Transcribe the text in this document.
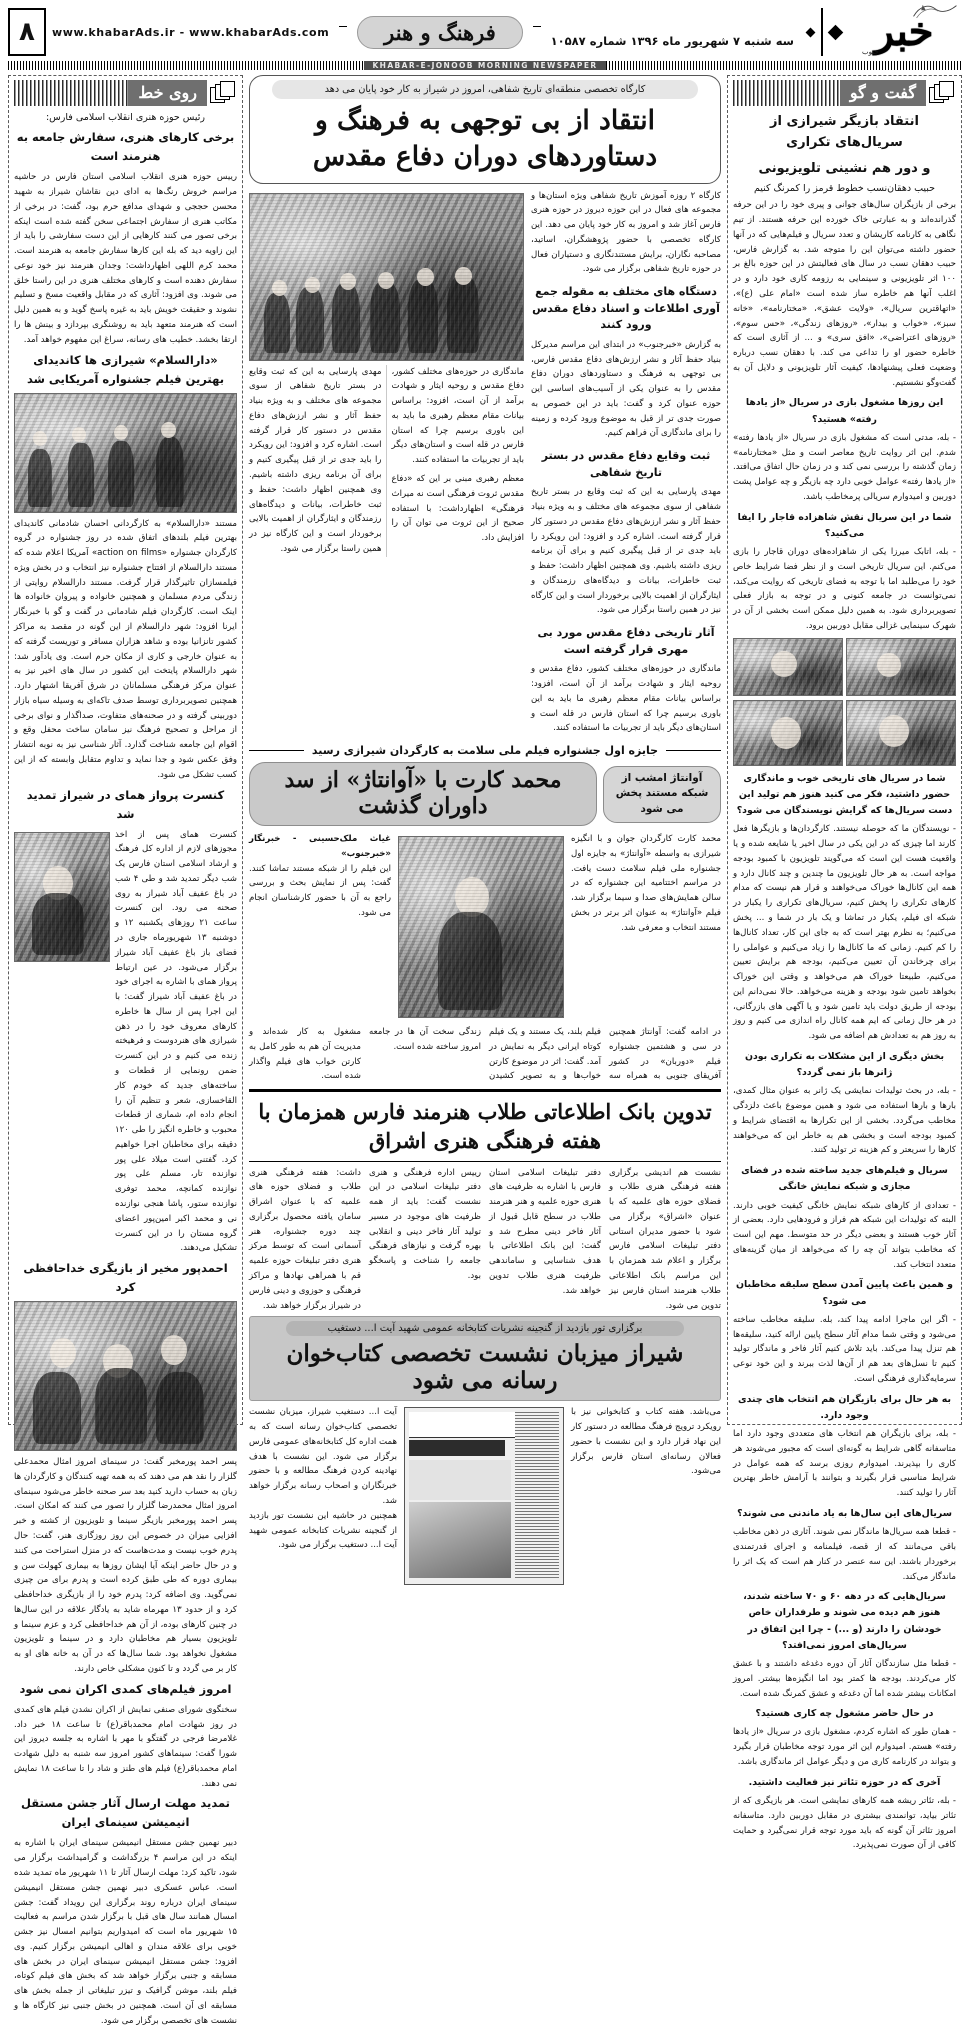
خبر
جنوب
سه شنبه ۷ شهریور ماه ۱۳۹۶ شماره ۱۰۵۸۷
فرهنگ و هنر
www.khabarAds.ir - www.khabarAds.com
۸
KHABAR-E-JONOOB MORNING NEWSPAPER
گفت و گو
انتقاد بازیگر شیرازی از سریال‌های تکراری
و دور هم نشینی تلویزیونی
حبیب دهقان‌نسب خطوط قرمز را کمرنگ کنیم

برخی از بازیگران سال‌های جوانی و پیری خود را در این حرفه گذرانده‌اند و به عبارتی خاک خورده این حرفه هستند. از تیم نگاهی به کارنامه کاریشان و تعدد سریال و فیلم‌هایی که در آنها حضور داشته می‌توان این را متوجه شد. به گزارش فارس، حبیب دهقان نسب در سال های فعالیتش در این حوزه بالغ بر ۱۰۰ اثر تلویزیونی و سینمایی به رزومه کاری خود دارد و در اغلب آنها هم خاطره ساز شده است «امام علی (ع)»، «اتهاقترین سریال»، «ولایت عشق»، «مختارنامه»، «خانه سبز»، «خواب و بیدار»، «روزهای زندگی»، «حس سوم»، «روزهای اعتراضی»، «افق سری» و ... از آثاری است که خاطره حضور او را تداعی می کند. با دهقان نسب درباره وضعیت فعلی پیشنهادها، کیفیت آثار تلویزیونی و دلایل آن به گفت‌وگو نشستیم.

این روزها مشغول بازی در سریال «از یادها رفته» هستید؟

- بله، مدتی است که مشغول بازی در سریال «از یادها رفته» شدم. این اثر روایت تاریخ معاصر است و مثل «مختارنامه» زمان گذشته را بررسی نمی کند و در زمان حال اتفاق می‌افتد. «از یادها رفته» عوامل خوبی دارد چه بازیگر و چه عوامل پشت دوربین و امیدوارم سریالی پرمخاطب باشد.

شما در این سریال نقش شاهزاده قاجار را ایفا می‌کنید؟

- بله، اتابک میرزا یکی از شاهزاده‌های دوران قاجار را بازی می‌کنم. این سریال تاریخی است و از نظر فضا شرایط خاص خود را می‌طلبد اما با توجه به فضای تاریخی که روایت می‌کند، نمی‌توانست در جامعه کنونی و در توجه به بازار فعلی تصویربرداری شود. به همین دلیل ممکن است بخشی از آن در شهرک سینمایی غزالی مقابل دوربین برود.

شما در سریال های تاریخی خوب و ماندگاری حضور داشتید، فکر می کنید هنوز هم تولید این دست سریال‌ها که گرایش نویسندگان می شود؟

- نویسندگان ما که حوصله نیستند. کارگردان‌ها و بازیگرها فعل کارند اما چیزی که در این یکی در سال اخیر یا شایعه شده و یا واقعیت هست این است که می‌گویند تلویزیون با کمبود بودجه مواجه است. به هر حال تلویزیون ما چندین و چند کانال دارد و همه این کانال‌ها خوراک می‌خواهند و قرار هم نیست که مدام کارهای تکراری را پخش کنیم، سریال‌های تکراری را یکبار در شبکه ای فیلم، یکبار در تماشا و یک بار در شما و ... پخش می‌کنیم؛ به نظرم بهتر است که به جای این کار، تعداد کانال‌ها را کم کنیم. زمانی که ما کانال‌ها را زیاد می‌کنیم و عواملی را برای چرخاندن آن تعیین می‌کنیم، بودجه هم برایش تعیین می‌کنیم، طبیعتا خوراک هم می‌خواهد و وقتی این خوراک بخواهد تامین شود بودجه و هزینه می‌خواهد. حالا نمی‌دانم این بودجه از طریق دولت باید تامین شود و یا آگهی های بازرگانی، در هر حال زمانی که ایم همه کانال راه اندازی می کنیم و روز به روز هم به تعدادش هم اضافه می شود.

بخش دیگری از این مشکلات به تکراری بودن ژانرها باز نمی گردد؟

- بله، در بحث تولیدات نمایشی یک ژانر به عنوان مثال کمدی، بارها و بارها استفاده می شود و همین موضوع باعث دلزدگی مخاطب می‌گردد. بخشی از این تکرارها به اقتضای شرایط و کمبود بودجه است و بخشی هم به خاطر این که می‌خواهند کارها را سریعتر و کم هزینه تر تولید کنند.

سریال و فیلم‌های جدید ساخته شده در فضای مجازی و شبکه نمایش خانگی

- تعدادی از کارهای شبکه نمایش خانگی کیفیت خوبی دارند. البته که تولیدات این شبکه هم فراز و فرودهایی دارد. بعضی از آثار خوب هستند و بعضی دیگر در حد متوسط. مهم این است که مخاطب بتواند آن چه را که می‌خواهد از میان گزینه‌های متعدد انتخاب کند.

و همین باعث پایین آمدن سطح سلیقه مخاطبان می شود؟

- اگر این ماجرا ادامه پیدا کند، بله. سلیقه مخاطب ساخته می‌شود و وقتی شما مدام آثار سطح پایین ارائه کنید، سلیقه‌ها هم تنزل پیدا می‌کند. باید تلاش کنیم آثار فاخر و ماندگار تولید کنیم تا نسل‌های بعد هم از آن‌ها لذت ببرند و این خود نوعی سرمایه‌گذاری فرهنگی است.

به هر حال برای بازیگران هم انتخاب های چندی وجود دارد.

- بله، برای بازیگران هم انتخاب های متعددی وجود دارد اما متاسفانه گاهی شرایط به گونه‌ای است که مجبور می‌شوند هر کاری را بپذیرند. امیدوارم روزی برسد که همه عوامل در شرایط مناسبی قرار بگیرند و بتوانند با آرامش خاطر بهترین آثار را تولید کنند.

سریال‌های این سال‌ها به یاد ماندنی می شوند؟

- قطعا همه سریال‌ها ماندگار نمی شوند. آثاری در ذهن مخاطب باقی می‌مانند که از قصه، فیلمنامه و اجرای قدرتمندی برخوردار باشند. این سه عنصر در کنار هم است که یک اثر را ماندگار می‌کند.

سریال‌هایی که در دهه ۶۰ و ۷۰ ساخته شدند، هنوز هم دیده می شوند و طرفداران خاص خودشان را دارند (و ...) - چرا این اتفاق در سریال‌های امروز نمی‌افتد؟

- قطعا مثل سازندگان آثار آن دوره دغدغه داشتند و با عشق کار می‌کردند. بودجه ها کمتر بود اما انگیزه‌ها بیشتر. امروز امکانات بیشتر شده اما آن دغدغه و عشق کمرنگ شده است.

در حال حاضر مشغول چه کاری هستید؟

- همان طور که اشاره کردم، مشغول بازی در سریال «از یادها رفته» هستم. امیدوارم این اثر مورد توجه مخاطبان قرار بگیرد و بتواند در کارنامه کاری من و دیگر عوامل اثر ماندگاری باشد.

آخری که در حوزه تئاتر نیز فعالیت داشتید.

- بله، تئاتر ریشه همه کارهای نمایشی است. هر بازیگری که از تئاتر بیاید، توانمندی بیشتری در مقابل دوربین دارد. متاسفانه امروز تئاتر آن گونه که باید مورد توجه قرار نمی‌گیرد و حمایت کافی از آن صورت نمی‌پذیرد.

کارگاه تخصصی منطقه‌ای تاریخ شفاهی، امروز در شیراز به کار خود پایان می دهد
انتقاد از بی توجهی به فرهنگ و دستاوردهای دوران دفاع مقدس
کارگاه ۲ روزه آموزش تاریخ شفاهی ویژه استان‌ها و مجموعه های فعال در این حوزه دیروز در حوزه هنری فارس آغاز شد و امروز به کار خود پایان می دهد. این کارگاه تخصصی با حضور پژوهشگران، اساتید، مصاحبه نگاران، برایش مستندنگاری و دستیاران فعال در حوزه تاریخ شفاهی برگزار می شود.
دستگاه های مختلف به مقوله جمع آوری اطلاعات و اسناد دفاع مقدس ورود کنند
به گزارش «خبرجنوب» در ابتدای این مراسم مدیرکل بنیاد حفظ آثار و نشر ارزش‌های دفاع مقدس فارس، بی توجهی به فرهنگ و دستاوردهای دوران دفاع مقدس را به عنوان یکی از آسیب‌های اساسی این حوزه عنوان کرد و گفت: باید در این خصوص به صورت جدی تر از قبل به موضوع ورود کرده و زمینه را برای ماندگاری آن فراهم کنیم.
ثبت وقایع دفاع مقدس در بستر تاریخ شفاهی
مهدی پارسایی به این که ثبت وقایع در بستر تاریخ شفاهی از سوی مجموعه های مختلف و به ویژه بنیاد حفظ آثار و نشر ارزش‌های دفاع مقدس در دستور کار قرار گرفته است. اشاره کرد و افزود: این رویکرد را باید جدی تر از قبل پیگیری کنیم و برای آن برنامه ریزی داشته باشیم. وی همچنین اظهار داشت: حفظ و ثبت خاطرات، بیانات و دیدگاه‌های رزمندگان و ایثارگران از اهمیت بالایی برخوردار است و این کارگاه نیز در همین راستا برگزار می شود.
آثار تاریخی دفاع مقدس مورد بی مهری قرار گرفته است
ماندگاری در حوزه‌های مختلف کشور، دفاع مقدس و روحیه ایثار و شهادت برآمد از آن است، افزود: براساس بیانات مقام معظم رهبری ما باید به این باوری برسیم چرا که استان فارس در قله است و استان‌های دیگر باید از تجربیات ما استفاده کنند.

ماندگاری در حوزه‌های مختلف کشور، دفاع مقدس و روحیه ایثار و شهادت برآمد از آن است، افزود: براساس بیانات مقام معظم رهبری ما باید به این باوری برسیم چرا که استان فارس در قله است و استان‌های دیگر باید از تجربیات ما استفاده کنند.

معظم رهبری مبنی بر این که «دفاع مقدس ثروت فرهنگی است نه میراث فرهنگی» اظهارداشت: با استفاده صحیح از این ثروت می توان آن را افزایش داد.

مهدی پارسایی به این که ثبت وقایع در بستر تاریخ شفاهی از سوی مجموعه های مختلف و به ویژه بنیاد حفظ آثار و نشر ارزش‌های دفاع مقدس در دستور کار قرار گرفته است. اشاره کرد و افزود: این رویکرد را باید جدی تر از قبل پیگیری کنیم و برای آن برنامه ریزی داشته باشیم. وی همچنین اظهار داشت: حفظ و ثبت خاطرات، بیانات و دیدگاه‌های رزمندگان و ایثارگران از اهمیت بالایی برخوردار است و این کارگاه نیز در همین راستا برگزار می شود.

جایزه اول جشنواره فیلم ملی سلامت به کارگردان شیرازی رسید
آوانتاژ امشب از شبکه مستند پخش می شود
محمد کارت با «آوانتاژ» از سد داوران گذشت
محمد کارت کارگردان جوان و با انگیزه شیرازی به واسطه «آوانتاژ» به جایزه اول جشنواره ملی فیلم سلامت دست یافت. در مراسم اختتامیه این جشنواره که در سالن همایش‌های صدا و سیما برگزار شد، فیلم «آوانتاژ» به عنوان اثر برتر در بخش مستند انتخاب و معرفی شد.
غیاث ملک‌حسینی - خبرنگار «خبرجنوب»
این فیلم را از شبکه مستند تماشا کنند. گفت: پس از نمایش بحث و بررسی راجع به آن با حضور کارشناسان انجام می شود.

در ادامه گفت: آوانتاژ همچنین در سی و هشتمین جشنواره فیلم «دوربان» در کشور آفریقای جنوبی به همراه سه فیلم بلند، یک مستند و یک فیلم کوتاه ایرانی دیگر به نمایش در آمد. گفت: اثر در موضوع کارتن خواب‌ها و به تصویر کشیدن زندگی سخت آن ها در جامعه امروز ساخته شده است.

مشغول به کار شده‌اند و مدیریت آن هم به طور کامل به کارتن خواب های فیلم واگذار شده است.

تدوین بانک اطلاعاتی طلاب هنرمند فارس همزمان با هفته فرهنگی هنری اشراق

نشست هم اندیشی برگزاری هفته فرهنگی هنری طلاب و فضلای حوزه های علمیه که با عنوان «اشراق» برگزار می شود با حضور مدیران استانی دفتر تبلیغات اسلامی فارس برگزار و اعلام شد همزمان با این مراسم بانک اطلاعاتی طلاب هنرمند استان فارس نیز تدوین می شود.

دفتر تبلیغات اسلامی استان فارس با اشاره به ظرفیت های هنری حوزه علمیه و هنر هنرمند طلاب در سطح قابل قبول از آثار فاخر دینی مطرح شد و گفت: این بانک اطلاعاتی با هدف شناسایی و ساماندهی ظرفیت هنری طلاب تدوین خواهد شد.

رییس اداره فرهنگی و هنری دفتر تبلیغات اسلامی در این نشست گفت: باید از همه ظرفیت های موجود در مسیر تولید آثار فاخر دینی و انقلابی بهره گرفت و نیازهای فرهنگی جامعه را شناخت و پاسخگو بود.

داشت: هفته فرهنگی هنری طلاب و فضلای حوزه های علمیه که با عنوان اشراق سامان یافته محصول برگزاری چند دوره جشنواره، هنر آسمانی است که توسط مرکز هنری دفتر تبلیغات حوزه علمیه قم با همراهی نهادها و مراکز فرهنگی و حوزوی و دینی فارس در شیراز برگزار خواهد شد.

برگزاری تور بازدید از گنجینه نشریات کتابخانه عمومی شهید آیت ا... دستغیب
شیراز میزبان نشست تخصصی کتاب‌خوان رسانه می شود
می‌باشد. هفته کتاب و کتابخوانی نیز با رویکرد ترویج فرهنگ مطالعه در دستور کار این نهاد قرار دارد و این نشست با حضور فعالان رسانه‌ای استان فارس برگزار می‌شود.
آیت ا... دستغیب شیراز، میزبان نشست تخصصی کتاب‌خوان رسانه است که به همت اداره کل کتابخانه‌های عمومی فارس برگزار می شود. این نشست با هدف نهادینه کردن فرهنگ مطالعه و با حضور خبرنگاران و اصحاب رسانه برگزار خواهد شد.
همچنین در حاشیه این نشست تور بازدید از گنجینه نشریات کتابخانه عمومی شهید آیت ا... دستغیب برگزار می شود.
روی خط
رئیس حوزه هنری انقلاب اسلامی فارس:
برخی کارهای هنری، سفارش جامعه به هنرمند است
رییس حوزه هنری انقلاب اسلامی استان فارس در حاشیه مراسم خروش رنگ‌ها به ادای دین نقاشان شیراز به شهید محسن حججی و شهدای مدافع حرم بود، گفت: در برخی از مکاتب هنری از سفارش اجتماعی سخن گفته شده است اینکه برخی تصور می کنند کارهایی از این دست سفارشی را باید از این زاویه دید که بله این کارها سفارش جامعه به هنرمند است. محمد کرم اللهی اظهارداشت: وجدان هنرمند نیز خود نوعی سفارش دهنده است و کارهای مختلف هنری در این راستا خلق می شوند. وی افزود: آثاری که در مقابل واقعیت مسخ و تسلیم نشوند و حقیقت خویش باید به غیره پاسخ گوید و به همین دلیل است که هنرمند متعهد باید به روشنگری بپردازد و بینش ها را ارتقا بخشد. خطیب های رسانه، سراغ این مفهوم خواهد آمد.
«دارالسلام» شیرازی ها کاندیدای بهترین فیلم جشنواره آمریکایی شد
مستند «دارالسلام» به کارگردانی احسان شادمانی کاندیدای بهترین فیلم بلندهای اتفاق شده در روز جشنواره در گروه کارگردان جشنواره «action on films» آمریکا اعلام شده که مستند دارالسلام از افتتاح جشنواره نیز انتخاب و در بخش ویژه فیلمسازان تاثیرگذار قرار گرفت. مستند دارالسلام روایتی از زندگی مردم مسلمان و همچنین خانواده و پیروان خانواده ها اینک است. کارگردان فیلم شادمانی در گفت و گو با خبرنگار ایرنا افزود: شهر دارالسلام از این گونه در مقصد به مراکز کشور تانزانیا بوده و شاهد هزاران مسافر و توریست گرفته که به عنوان خارجی و کاری از مکان حرم است. وی یادآور شد: شهر دارالسلام پایتخت این کشور در سال های اخیر نیز به عنوان مرکز فرهنگی مسلمانان در شرق آفریقا اشتهار دارد. همچنین تصویربرداری توسط صدف تاکه‌ای به وسیله سیاه بازار دوربینی گرفته و در صحنه‌های متفاوت، صداگذار و نوای برخی از مراحل و تصحیح فرهنگ نیز سامان ساخت محفل وقع و اقوام این جامعه شناخت گذارد. آثار شناسی نیز به نوبه انتشار وفق عکس شود و جدا نماید و تداوم متقابل وابسته که از این کسب تشکل می شود.
کنسرت پرواز همای در شیراز تمدید شد
کنسرت همای پس از اخذ مجوزهای لازم از اداره کل فرهنگ و ارشاد اسلامی استان فارس یک شب دیگر تمدید شد و طی ۴ شب در باغ عفیف آباد شیراز به روی صحنه می رود. این کنسرت ساعت ۲۱ روزهای یکشنبه ۱۲ و دوشنبه ۱۳ شهریورماه جاری در فضای باز باغ عفیف آباد شیراز برگزار می‌شود. در عین ارتباط پرواز همای با اشاره به اجرای خود در باغ عفیف آباد شیراز گفت: با این اجرا پس از سال ها خاطره کارهای معروف خود را در ذهن شیرازی های هنردوست و فرهیخته زنده می کنیم و در این کنسرت ضمن رونمایی از قطعات و ساخته‌های جدید که خودم کار القاخسازی، شعر و تنظیم آن را انجام داده ام، شماری از قطعات محبوب و خاطره انگیز را طی ۱۲۰ دقیقه برای مخاطبان اجرا خواهیم کرد. گفتنی است میلاد علی پور نوازنده تار، مسلم علی پور نوازنده کمانچه، محمد توفری نوازنده ستور، پاشا هنجی نوازنده نی و محمد اکبر امین‌پور اعضای گروه مستان را در این کنسرت تشکیل می‌دهند.
احمدپور مخیر از بازیگری خداحافظی کرد
پسر احمد پورمخبر گفت: در سینمای امروز امثال محمدعلی گلزار را نقد هم می دهند که به همه تهیه کنندگان و کارگردان ها زبان به حساب دارید کنید بعد سر صحنه خاطر می‌شود سینمای امروز امثال محمدرضا گلزار را تصور می کنند که امکان است. پسر احمد پورمخبر بازیگر سینما و تلویزیون از کشته و خبر افزایی میزان در خصوص این روز روزگاری هنر، گفت: حال پدرم خوب نیست و مدت‌هاست که در منزل استراحت می کنند و در حال حاضر اینکه آیا ایشان روزها به بیماری کهولت سن و بیماری دوره که طی طبق کرده است و پدرم برای من چیزی نمی‌گوید. وی اضافه کرد: پدرم خود را از بازیگری خداحافظی کرد و از حدود ۱۳ مهرماه شاید به یادگار علاقه در این سال‌ها در چنین کارهای بوده، از آن هم خداحافظی کرد و عزم سینما و تلویزیون بسیار هم مخاطبان دارد و در سینما و تلویزیون مشغول نخواهد بود. شما سال‌ها که در آن به خانه های او به کار بر می گردد و تا کنون مشکلی خاص دارند.
امروز فیلم‌های کمدی اکران نمی شود
سخنگوی شورای صنفی نمایش از اکران نشدن فیلم های کمدی در روز شهادت امام محمدباقر(ع) تا ساعت ۱۸ خبر داد. غلامرضا فرجی در گفتگو با مهر با اشاره به جلسه دیروز این شورا گفت: سینماهای کشور امروز سه شنبه به دلیل شهادت امام محمدباقر(ع) فیلم های طنز و شاد را تا ساعت ۱۸ نمایش نمی دهند.
تمدید مهلت ارسال آثار جشن مستقل انیمیشن سینمای ایران
دبیر نهمین جشن مستقل انیمیشن سینمای ایران با اشاره به اینکه در این مراسم ۴ بزرگداشت و گرامیداشت برگزار می شود، تاکید کرد: مهلت ارسال آثار تا ۱۱ شهریور ماه تمدید شده است. عباس عسکری دبیر نهمین جشن مستقل انیمیشن سینمای ایران درباره روند برگزاری این رویداد گفت: جشن امسال همانند سال های قبل با برگزار شدن مراسم به فعالیت ۱۵ شهریور ماه است که امیدواریم بتوانیم امسال نیز جشن خوبی برای علاقه مندان و اهالی انیمیشن برگزار کنیم. وی افزود: جشن مستقل انیمیشن سینمای ایران در بخش های مسابقه و جنبی برگزار خواهد شد که بخش های فیلم کوتاه، فیلم بلند، موشن گرافیک و تیزر تبلیغاتی از جمله بخش های مسابقه ای آن است. همچنین در بخش جنبی نیز کارگاه ها و نشست های تخصصی برگزار می شود.
